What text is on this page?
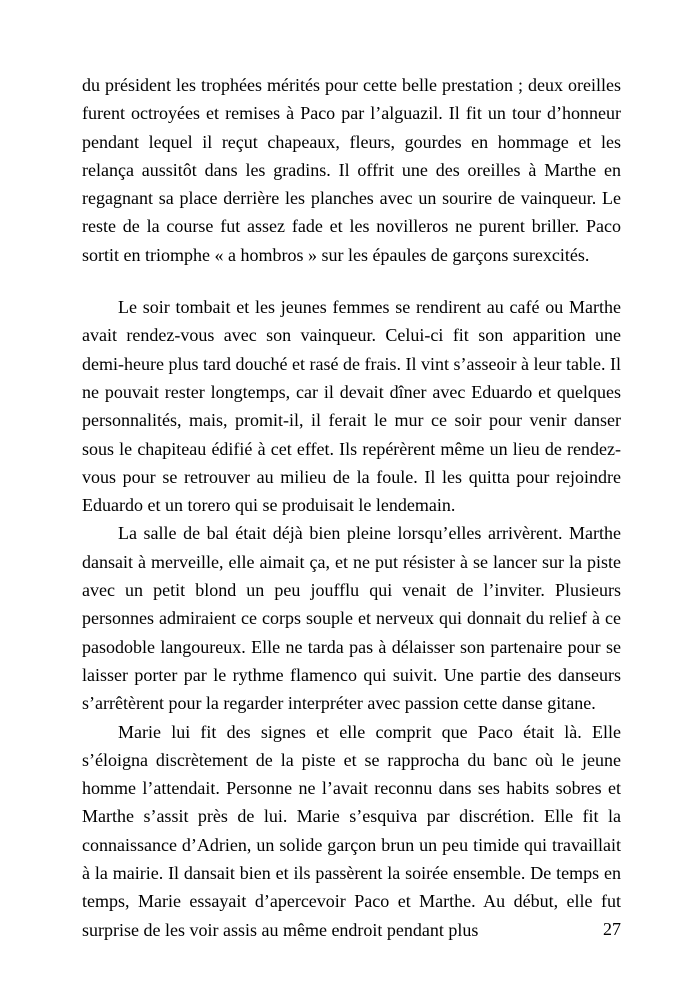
du président les trophées mérités pour cette belle prestation ; deux oreilles furent octroyées et remises à Paco par l’alguazil. Il fit un tour d’honneur pendant lequel il reçut chapeaux, fleurs, gourdes en hommage et les relança aussitôt dans les gradins. Il offrit une des oreilles à Marthe en regagnant sa place derrière les planches avec un sourire de vainqueur. Le reste de la course fut assez fade et les novilleros ne purent briller. Paco sortit en triomphe « a hombros » sur les épaules de garçons surexcités.

Le soir tombait et les jeunes femmes se rendirent au café ou Marthe avait rendez-vous avec son vainqueur. Celui-ci fit son apparition une demi-heure plus tard douché et rasé de frais. Il vint s’asseoir à leur table. Il ne pouvait rester longtemps, car il devait dîner avec Eduardo et quelques personnalités, mais, promit-il, il ferait le mur ce soir pour venir danser sous le chapiteau édifié à cet effet. Ils repérèrent même un lieu de rendez-vous pour se retrouver au milieu de la foule. Il les quitta pour rejoindre Eduardo et un torero qui se produisait le lendemain.

La salle de bal était déjà bien pleine lorsqu’elles arrivèrent. Marthe dansait à merveille, elle aimait ça, et ne put résister à se lancer sur la piste avec un petit blond un peu joufflu qui venait de l’inviter. Plusieurs personnes admiraient ce corps souple et nerveux qui donnait du relief à ce pasodoble langoureux. Elle ne tarda pas à délaisser son partenaire pour se laisser porter par le rythme flamenco qui suivit. Une partie des danseurs s’arrêtèrent pour la regarder interpréter avec passion cette danse gitane.

Marie lui fit des signes et elle comprit que Paco était là. Elle s’éloigna discrètement de la piste et se rapprocha du banc où le jeune homme l’attendait. Personne ne l’avait reconnu dans ses habits sobres et Marthe s’assit près de lui. Marie s’esquiva par discrétion. Elle fit la connaissance d’Adrien, un solide garçon brun un peu timide qui travaillait à la mairie. Il dansait bien et ils passèrent la soirée ensemble. De temps en temps, Marie essayait d’apercevoir Paco et Marthe. Au début, elle fut surprise de les voir assis au même endroit pendant plus	27
